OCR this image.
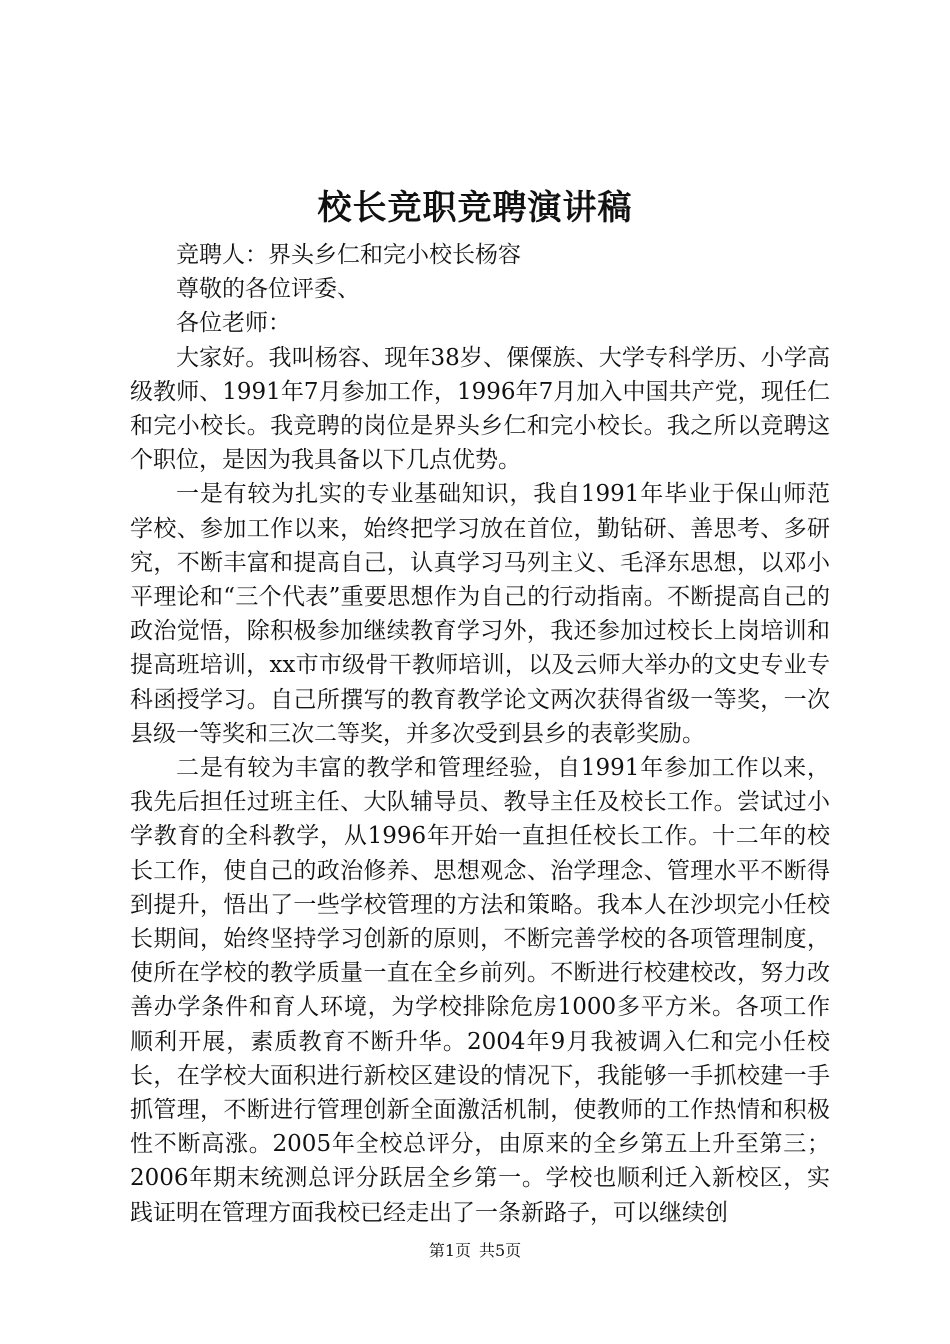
校长竞职竞聘演讲稿

竞聘人：界头乡仁和完小校长杨容

尊敬的各位评委、

各位老师：

大家好。我叫杨容、现年38岁、傈僳族、大学专科学历、小学高级教师、1991年7月参加工作，1996年7月加入中国共产党，现任仁和完小校长。我竞聘的岗位是界头乡仁和完小校长。我之所以竞聘这个职位，是因为我具备以下几点优势。

一是有较为扎实的专业基础知识，我自1991年毕业于保山师范学校、参加工作以来，始终把学习放在首位，勤钻研、善思考、多研究，不断丰富和提高自己，认真学习马列主义、毛泽东思想，以邓小平理论和“三个代表”重要思想作为自己的行动指南。不断提高自己的政治觉悟，除积极参加继续教育学习外，我还参加过校长上岗培训和提高班培训，xx市市级骨干教师培训，以及云师大举办的文史专业专科函授学习。自己所撰写的教育教学论文两次获得省级一等奖，一次县级一等奖和三次二等奖，并多次受到县乡的表彰奖励。

二是有较为丰富的教学和管理经验，自1991年参加工作以来，我先后担任过班主任、大队辅导员、教导主任及校长工作。尝试过小学教育的全科教学，从1996年开始一直担任校长工作。十二年的校长工作，使自己的政治修养、思想观念、治学理念、管理水平不断得到提升，悟出了一些学校管理的方法和策略。我本人在沙坝完小任校长期间，始终坚持学习创新的原则，不断完善学校的各项管理制度，使所在学校的教学质量一直在全乡前列。不断进行校建校改，努力改善办学条件和育人环境，为学校排除危房1000多平方米。各项工作顺利开展，素质教育不断升华。2004年9月我被调入仁和完小任校长，在学校大面积进行新校区建设的情况下，我能够一手抓校建一手抓管理，不断进行管理创新全面激活机制，使教师的工作热情和积极性不断高涨。2005年全校总评分，由原来的全乡第五上升至第三；2006年期末统测总评分跃居全乡第一。学校也顺利迁入新校区，实践证明在管理方面我校已经走出了一条新路子，可以继续创

第1页 共5页
